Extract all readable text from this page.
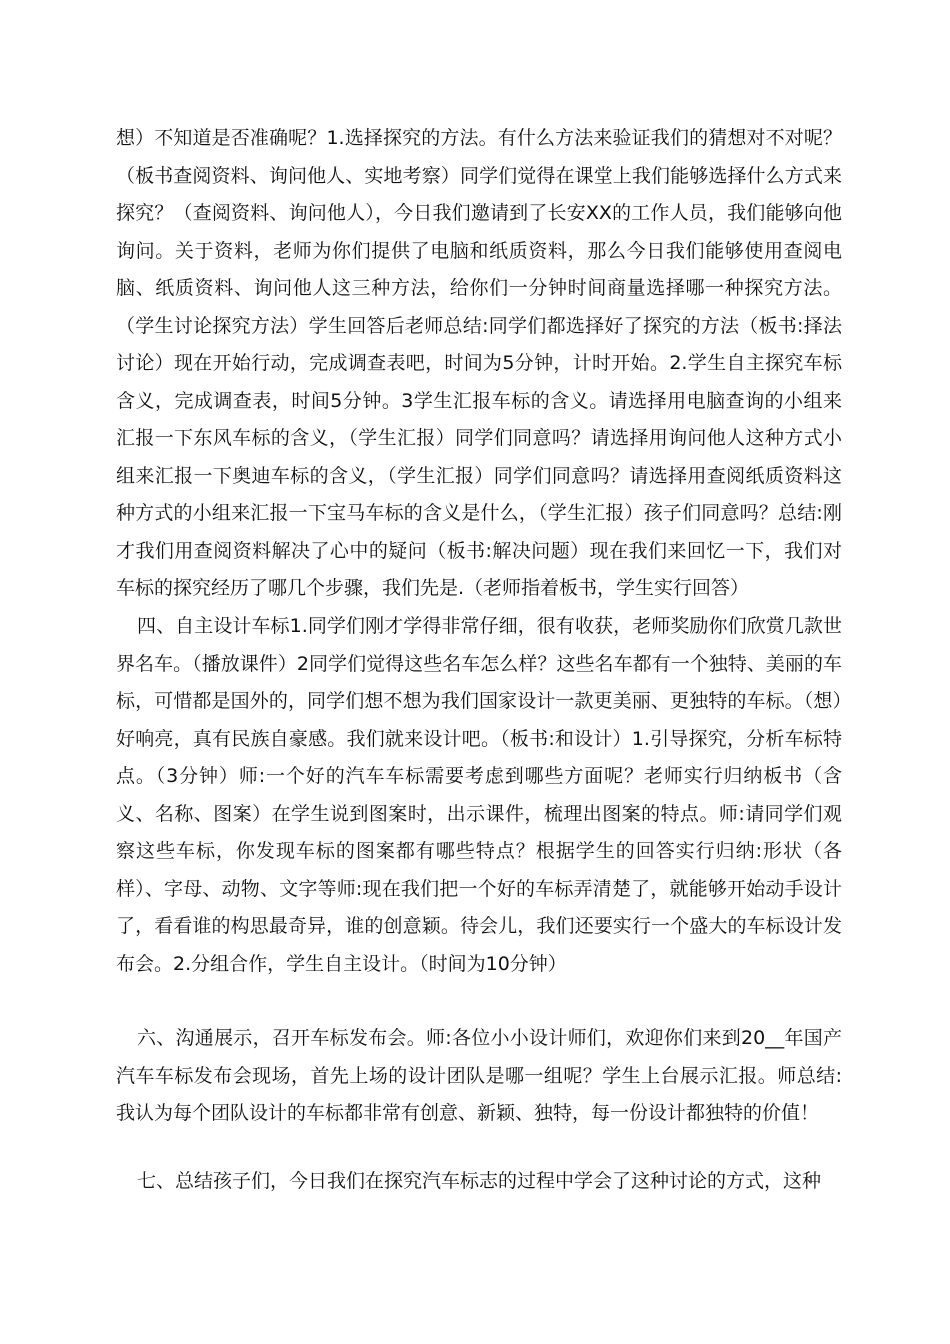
想）不知道是否准确呢？1.选择探究的方法。有什么方法来验证我们的猜想对不对呢？（板书查阅资料、询问他人、实地考察）同学们觉得在课堂上我们能够选择什么方式来探究？（查阅资料、询问他人），今日我们邀请到了长安XX的工作人员，我们能够向他询问。关于资料，老师为你们提供了电脑和纸质资料，那么今日我们能够使用查阅电脑、纸质资料、询问他人这三种方法，给你们一分钟时间商量选择哪一种探究方法。（学生讨论探究方法）学生回答后老师总结:同学们都选择好了探究的方法（板书:择法讨论）现在开始行动，完成调查表吧，时间为5分钟，计时开始。2.学生自主探究车标含义，完成调查表，时间5分钟。3学生汇报车标的含义。请选择用电脑查询的小组来汇报一下东风车标的含义，（学生汇报）同学们同意吗？请选择用询问他人这种方式小组来汇报一下奥迪车标的含义，（学生汇报）同学们同意吗？请选择用查阅纸质资料这种方式的小组来汇报一下宝马车标的含义是什么，（学生汇报）孩子们同意吗？总结:刚才我们用查阅资料解决了心中的疑问（板书:解决问题）现在我们来回忆一下，我们对车标的探究经历了哪几个步骤，我们先是.（老师指着板书，学生实行回答）

四、自主设计车标1.同学们刚才学得非常仔细，很有收获，老师奖励你们欣赏几款世界名车。（播放课件）2同学们觉得这些名车怎么样？这些名车都有一个独特、美丽的车标，可惜都是国外的，同学们想不想为我们国家设计一款更美丽、更独特的车标。（想）好响亮，真有民族自豪感。我们就来设计吧。（板书:和设计）1.引导探究，分析车标特点。（3分钟）师:一个好的汽车车标需要考虑到哪些方面呢？老师实行归纳板书（含义、名称、图案）在学生说到图案时，出示课件，梳理出图案的特点。师:请同学们观察这些车标，你发现车标的图案都有哪些特点？根据学生的回答实行归纳:形状（各样）、字母、动物、文字等师:现在我们把一个好的车标弄清楚了，就能够开始动手设计了，看看谁的构思最奇异，谁的创意颖。待会儿，我们还要实行一个盛大的车标设计发布会。2.分组合作，学生自主设计。（时间为10分钟）

六、沟通展示，召开车标发布会。师:各位小小设计师们，欢迎你们来到20__年国产汽车车标发布会现场，首先上场的设计团队是哪一组呢？学生上台展示汇报。师总结:我认为每个团队设计的车标都非常有创意、新颖、独特，每一份设计都独特的价值！

七、总结孩子们，今日我们在探究汽车标志的过程中学会了这种讨论的方式，这种
